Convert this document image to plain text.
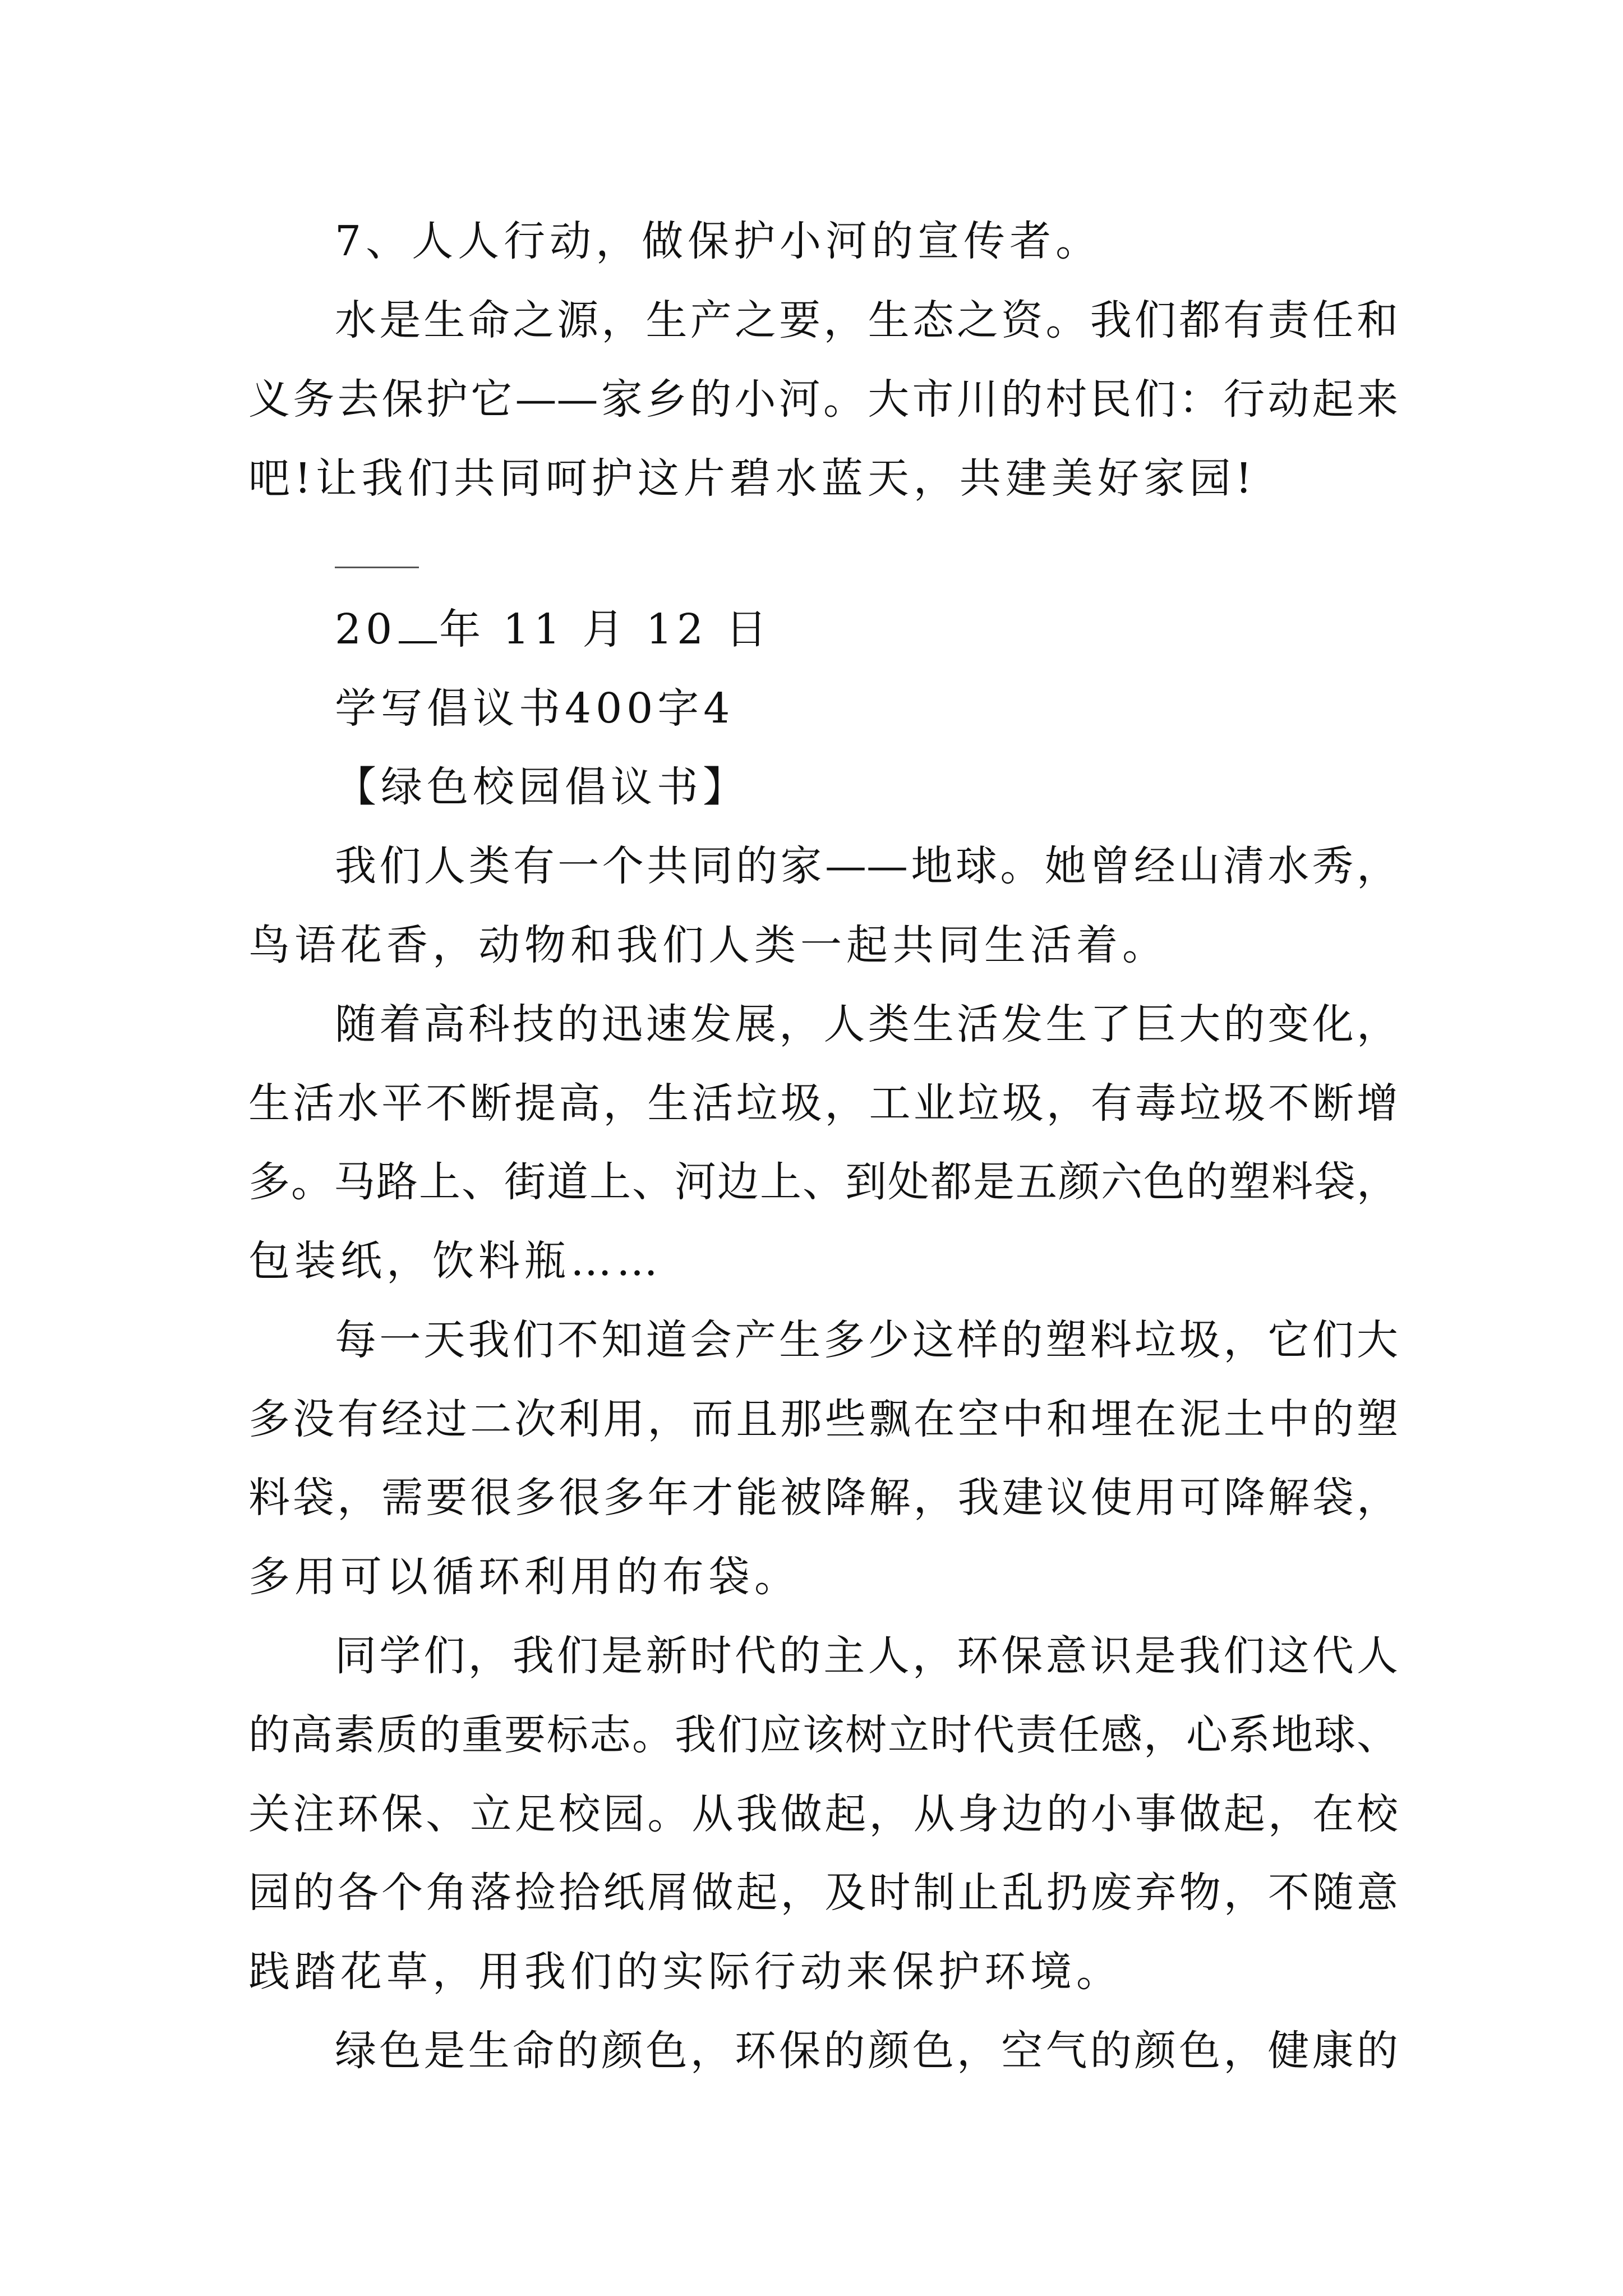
7、人人行动，做保护小河的宣传者。
水是生命之源，生产之要，生态之资。我们都有责任和
义务去保护它——家乡的小河。大市川的村民们：行动起来
吧!让我们共同呵护这片碧水蓝天，共建美好家园!
20 年 11 月 12 日
学写倡议书400字4
【绿色校园倡议书】
我们人类有一个共同的家——地球。她曾经山清水秀，
鸟语花香，动物和我们人类一起共同生活着。
随着高科技的迅速发展，人类生活发生了巨大的变化，
生活水平不断提高，生活垃圾，工业垃圾，有毒垃圾不断增
多。马路上、街道上、河边上、到处都是五颜六色的塑料袋，
包装纸，饮料瓶……
每一天我们不知道会产生多少这样的塑料垃圾，它们大
多没有经过二次利用，而且那些飘在空中和埋在泥土中的塑
料袋，需要很多很多年才能被降解，我建议使用可降解袋，
多用可以循环利用的布袋。
同学们，我们是新时代的主人，环保意识是我们这代人
的高素质的重要标志。我们应该树立时代责任感，心系地球、
关注环保、立足校园。从我做起，从身边的小事做起，在校
园的各个角落捡拾纸屑做起，及时制止乱扔废弃物，不随意
践踏花草，用我们的实际行动来保护环境。
绿色是生命的颜色，环保的颜色，空气的颜色，健康的
